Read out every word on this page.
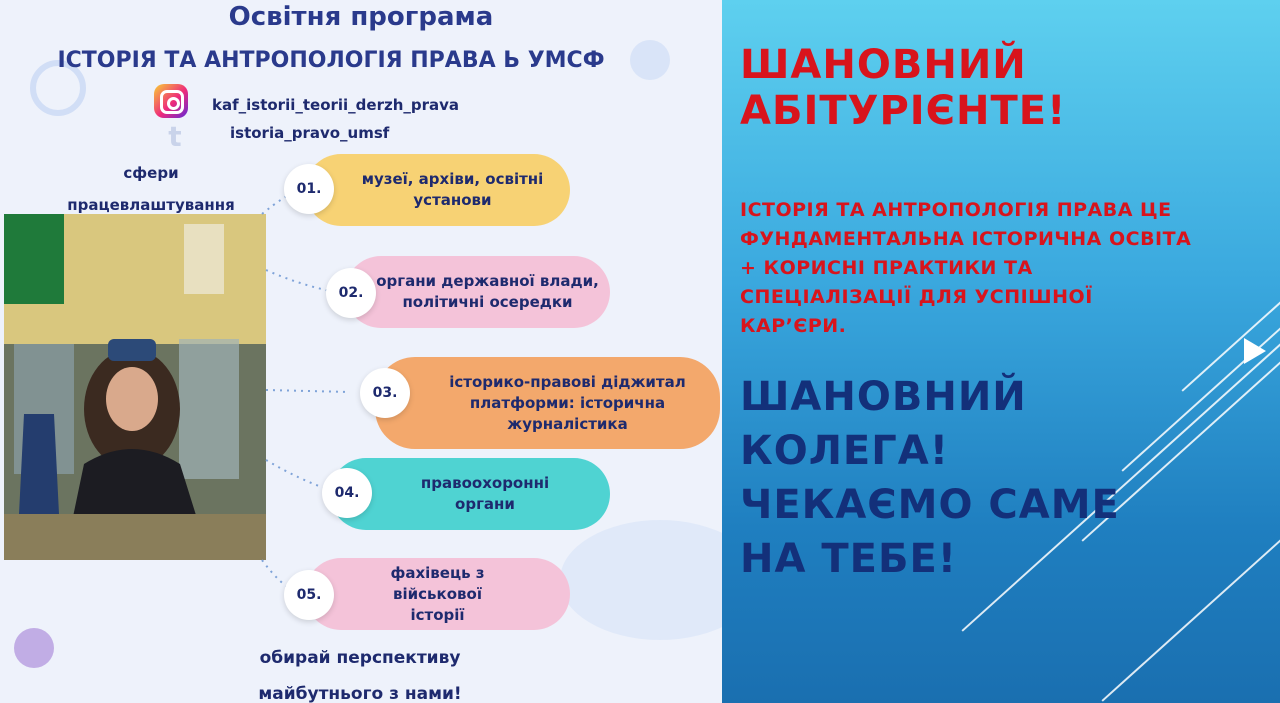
Освітня програма
ІСТОРІЯ ТА АНТРОПОЛОГІЯ ПРАВА Ь УМСФ
kaf_istorii_teorii_derzh_prava
t	istoria_pravo_umsf
сфери працевлаштування
музеї, архіви, освітні установи
01.
органи державної влади, політичні осередки
02.
історико-правові діджитал платформи: історична журналістика
03.
правоохоронні органи
04.
фахівець з військової історії
05.
обирай перспективу майбутнього з нами!
ШАНОВНИЙ АБІТУРІЄНТЕ!
ІСТОРІЯ ТА АНТРОПОЛОГІЯ ПРАВА ЦЕ ФУНДАМЕНТАЛЬНА ІСТОРИЧНА ОСВІТА + КОРИСНІ ПРАКТИКИ ТА СПЕЦІАЛІЗАЦІЇ ДЛЯ УСПІШНОЇ КАР’ЄРИ.
ШАНОВНИЙ КОЛЕГА! ЧЕКАЄМО САМЕ НА ТЕБЕ!
